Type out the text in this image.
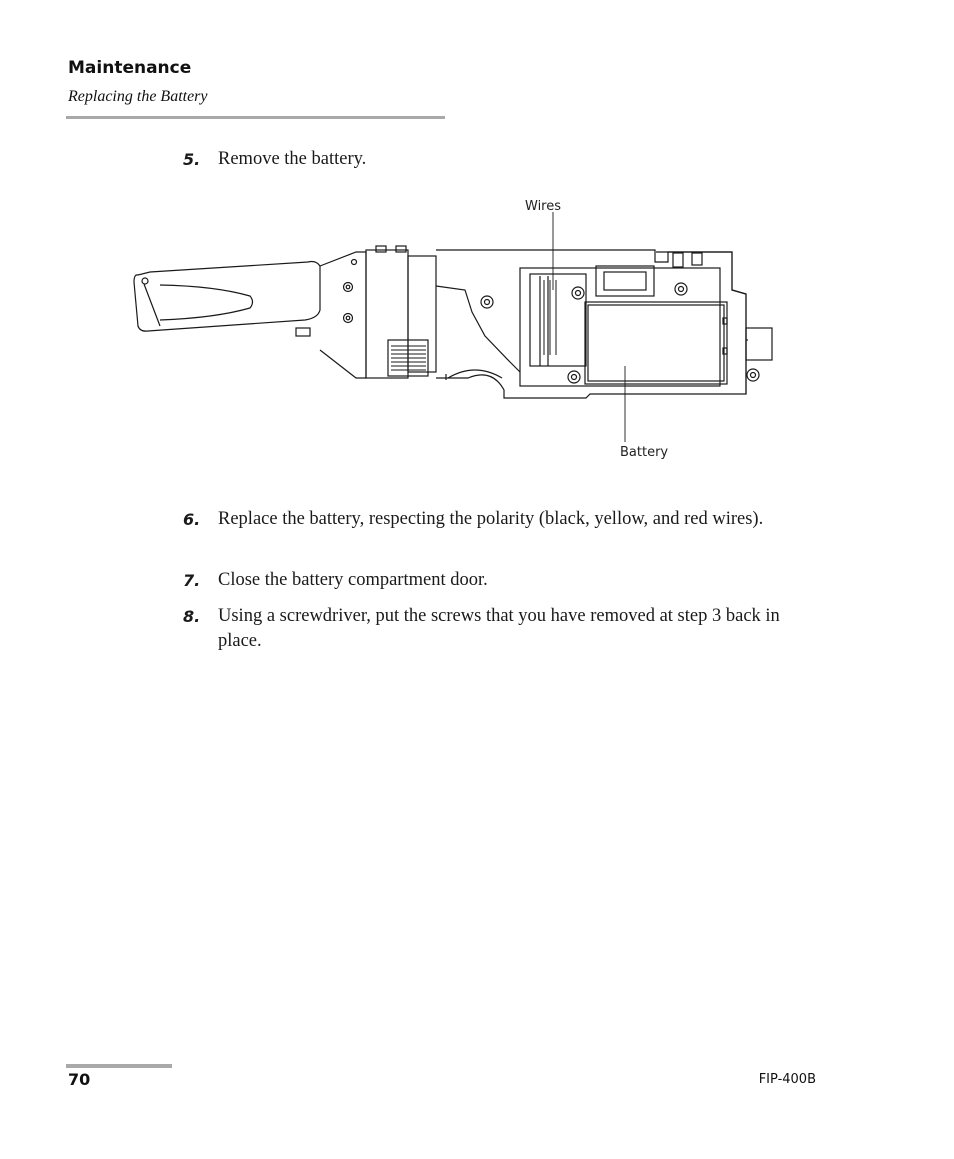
Maintenance
Replacing the Battery
5. Remove the battery.
Wires
Battery
6. Replace the battery, respecting the polarity (black, yellow, and red wires).
7. Close the battery compartment door.
8. Using a screwdriver, put the screws that you have removed at step 3 back in place.
70	FIP-400B
